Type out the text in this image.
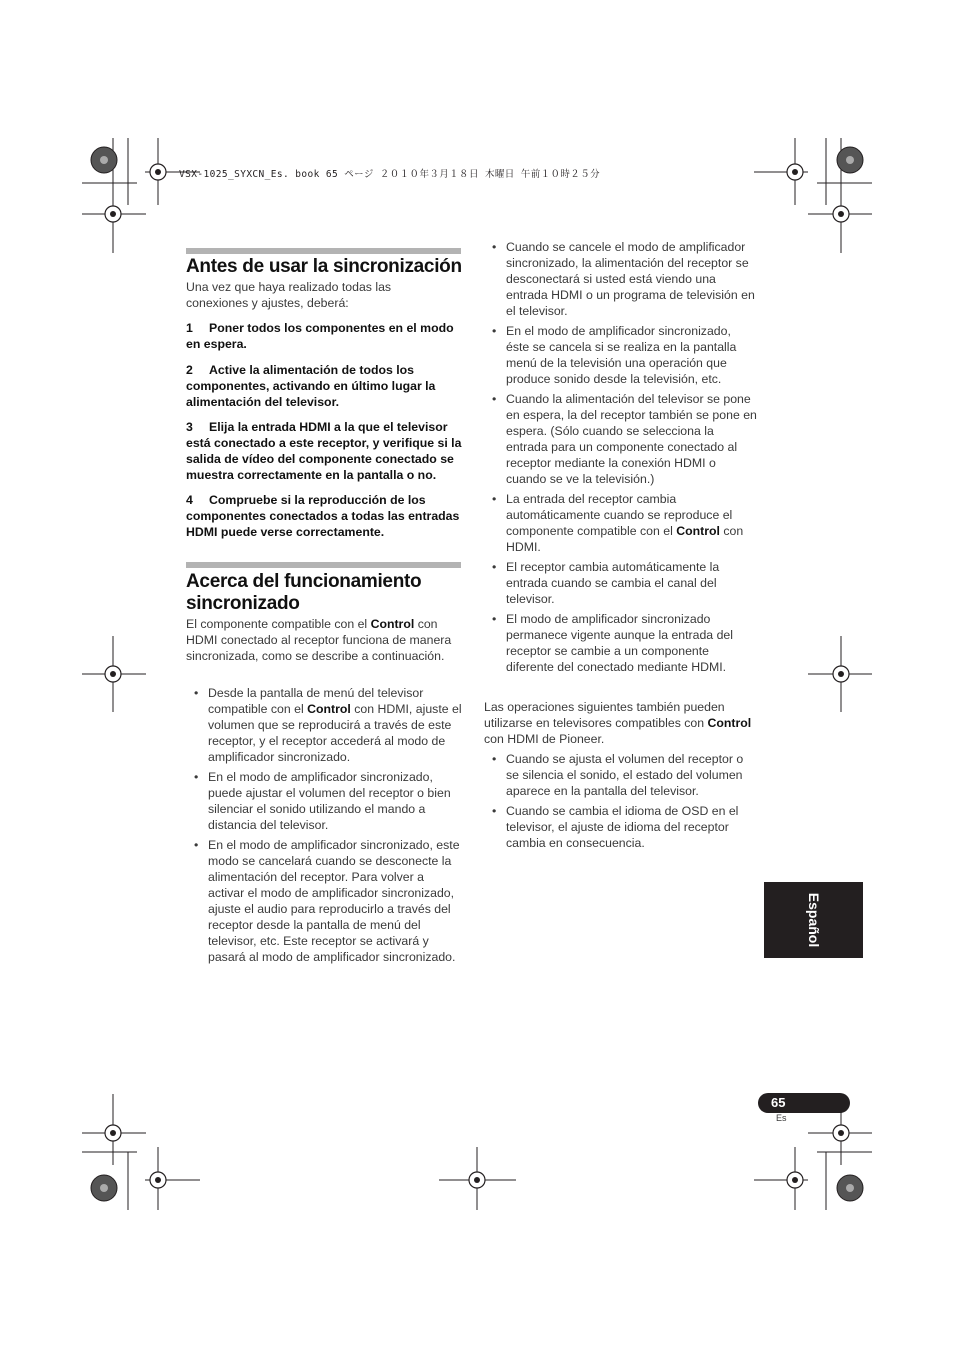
VSX-1025_SYXCN_Es. book 65 ページ ２０１０年３月１８日 木曜日 午前１０時２５分
Antes de usar la sincronización
Una vez que haya realizado todas las conexiones y ajustes, deberá:
1 Poner todos los componentes en el modo en espera.
2 Active la alimentación de todos los componentes, activando en último lugar la alimentación del televisor.
3 Elija la entrada HDMI a la que el televisor está conectado a este receptor, y verifique si la salida de vídeo del componente conectado se muestra correctamente en la pantalla o no.
4 Compruebe si la reproducción de los componentes conectados a todas las entradas HDMI puede verse correctamente.
Acerca del funcionamiento sincronizado
El componente compatible con el Control con HDMI conectado al receptor funciona de manera sincronizada, como se describe a continuación.
• Desde la pantalla de menú del televisor compatible con el Control con HDMI, ajuste el volumen que se reproducirá a través de este receptor, y el receptor accederá al modo de amplificador sincronizado.
• En el modo de amplificador sincronizado, puede ajustar el volumen del receptor o bien silenciar el sonido utilizando el mando a distancia del televisor.
• En el modo de amplificador sincronizado, este modo se cancelará cuando se desconecte la alimentación del receptor. Para volver a activar el modo de amplificador sincronizado, ajuste el audio para reproducirlo a través del receptor desde la pantalla de menú del televisor, etc. Este receptor se activará y pasará al modo de amplificador sincronizado.
• Cuando se cancele el modo de amplificador sincronizado, la alimentación del receptor se desconectará si usted está viendo una entrada HDMI o un programa de televisión en el televisor.
• En el modo de amplificador sincronizado, éste se cancela si se realiza en la pantalla menú de la televisión una operación que produce sonido desde la televisión, etc.
• Cuando la alimentación del televisor se pone en espera, la del receptor también se pone en espera. (Sólo cuando se selecciona la entrada para un componente conectado al receptor mediante la conexión HDMI o cuando se ve la televisión.)
• La entrada del receptor cambia automáticamente cuando se reproduce el componente compatible con el Control con HDMI.
• El receptor cambia automáticamente la entrada cuando se cambia el canal del televisor.
• El modo de amplificador sincronizado permanece vigente aunque la entrada del receptor se cambie a un componente diferente del conectado mediante HDMI.
Las operaciones siguientes también pueden utilizarse en televisores compatibles con Control con HDMI de Pioneer.
• Cuando se ajusta el volumen del receptor o se silencia el sonido, el estado del volumen aparece en la pantalla del televisor.
• Cuando se cambia el idioma de OSD en el televisor, el ajuste de idioma del receptor cambia en consecuencia.
Español
65
Es
